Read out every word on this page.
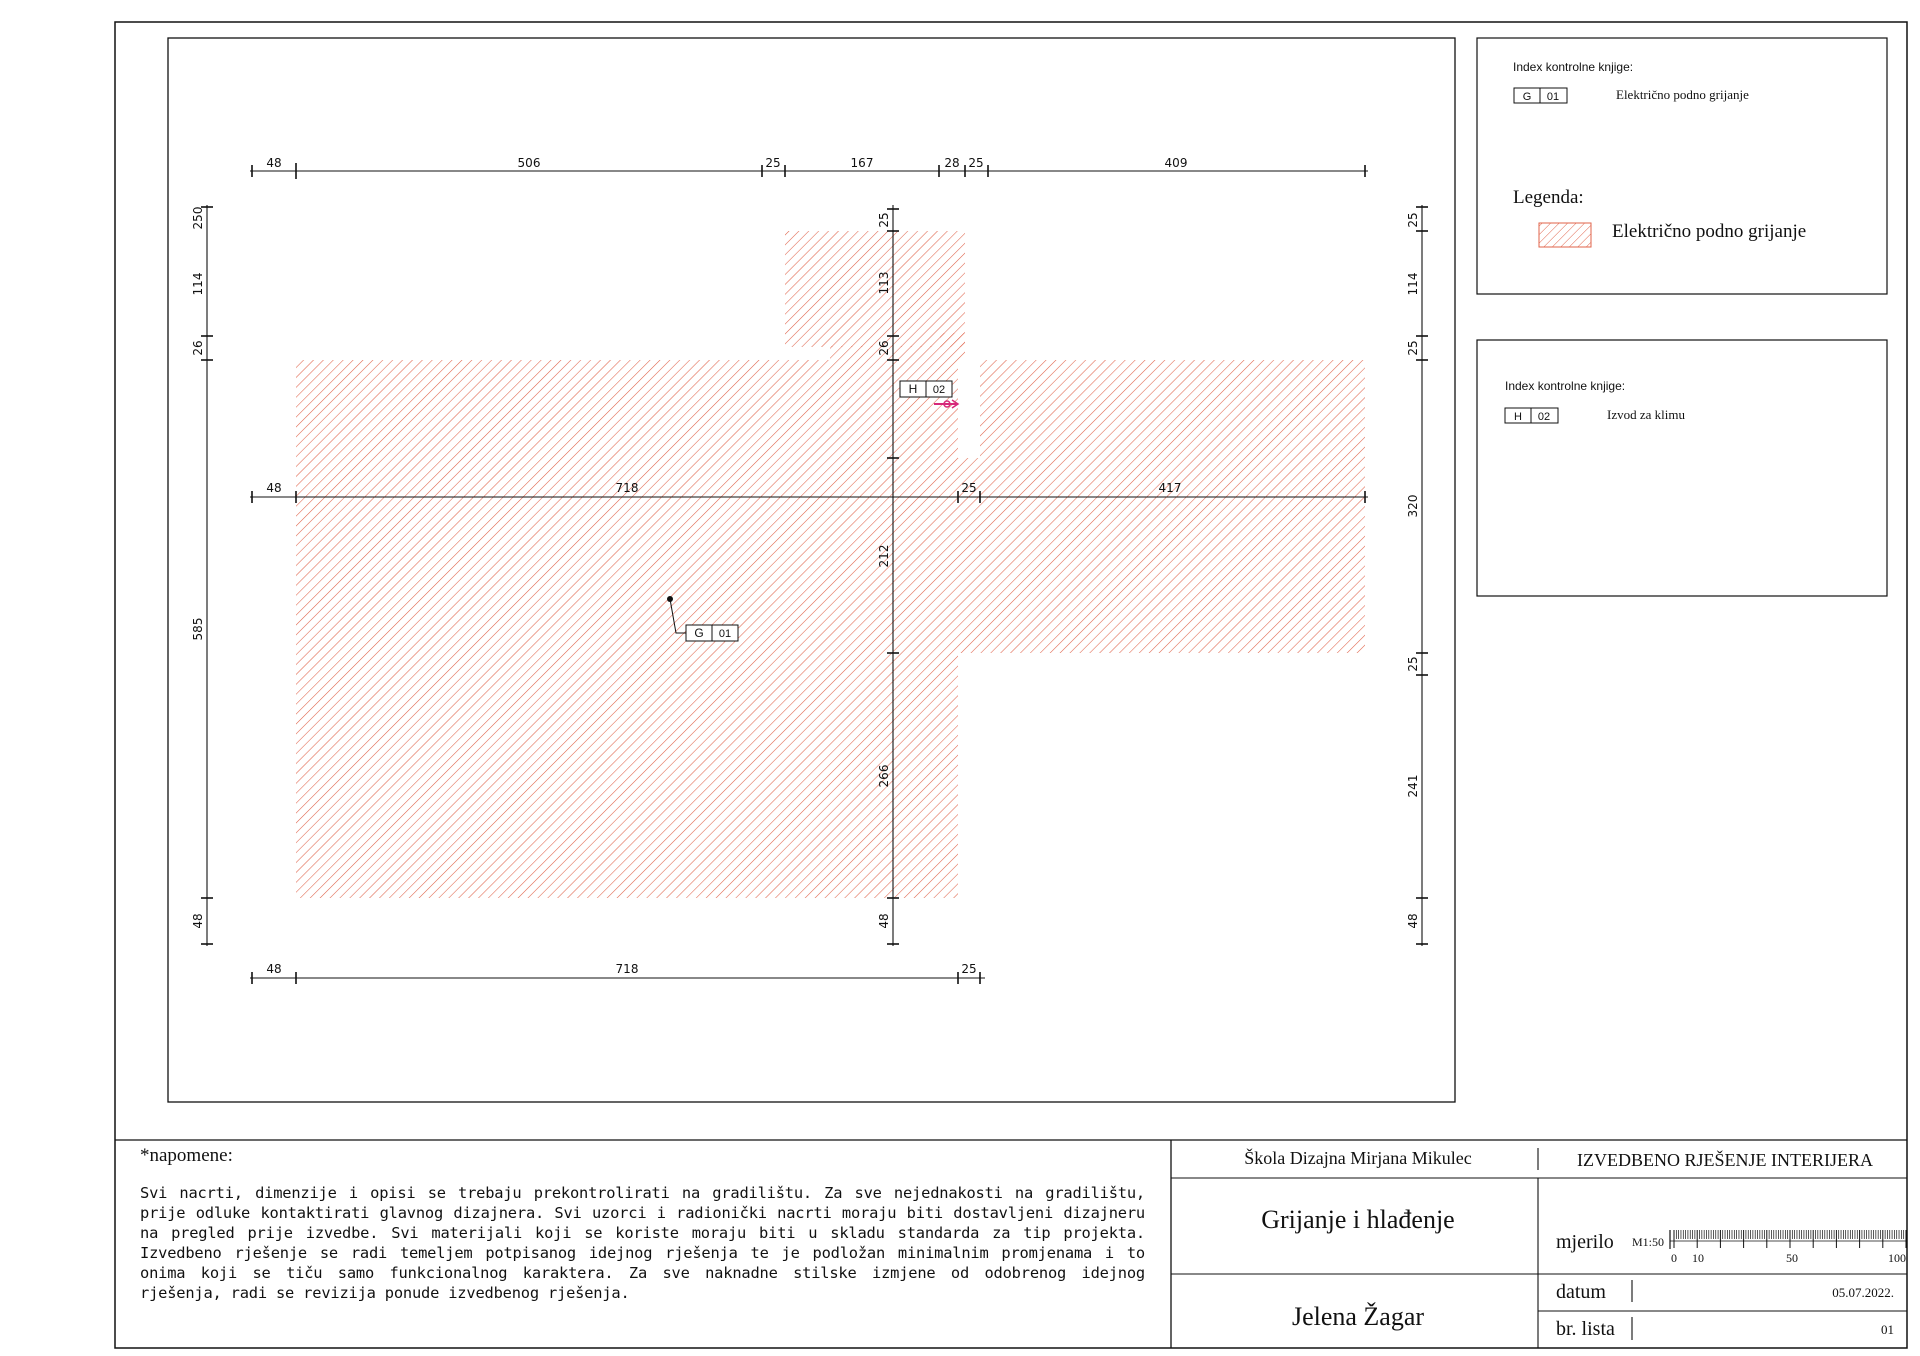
48	506	25	167	28 25	409
48	718	25	417
48	718	25
250
114
26
585
48
25
113
26
212
266
48
25
114
25
320
25
241
48
G 01
H 02
Index kontrolne knjige:
G 01	Električno podno grijanje
Legenda:
Električno podno grijanje
Index kontrolne knjige:
H 02	Izvod za klimu
*napomene:	Škola Dizajna Mirjana Mikulec	IZVEDBENO RJEŠENJE INTERIJERA
Grijanje i hlađenje
Jelena Žagar
mjerilo M1:50
0 10	50	100
datum	05.07.2022.
br. lista	01
Svi nacrti, dimenzije i opisi se trebaju prekontrolirati na gradilištu. Za sve nejednakosti na gradilištu, prije odluke kontaktirati glavnog dizajnera. Svi uzorci i radionički nacrti moraju biti dostavljeni dizajneru na pregled prije izvedbe. Svi materijali koji se koriste moraju biti u skladu standarda za tip projekta. Izvedbeno rješenje se radi temeljem potpisanog idejnog rješenja te je podložan minimalnim promjenama i to onima koji se tiču samo funkcionalnog karaktera. Za sve naknadne stilske izmjene od odobrenog idejnog rješenja, radi se revizija ponude izvedbenog rješenja.
